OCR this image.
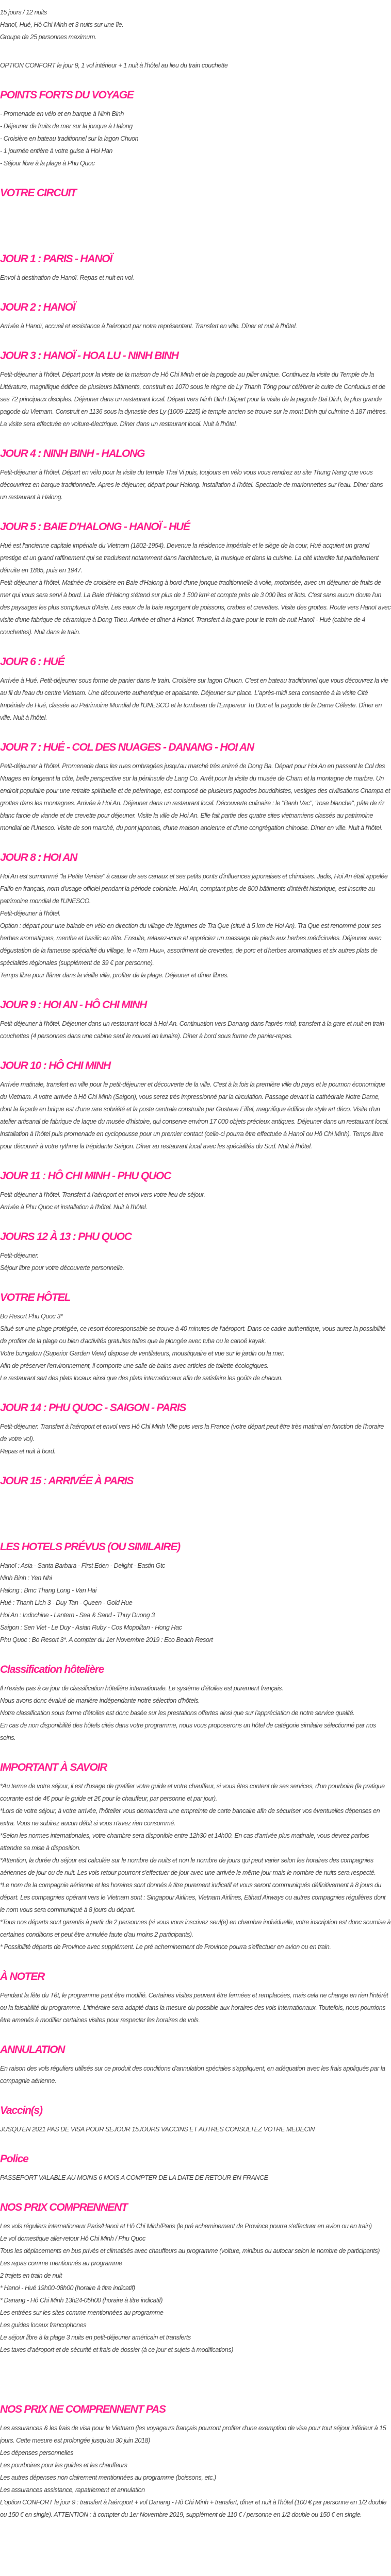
15 jours / 12 nuits

Hanoï, Hué, Hô Chi Minh et 3 nuits sur une île.

Groupe de 25 personnes maximum.

OPTION CONFORT le jour 9, 1 vol intérieur + 1 nuit à l'hôtel au lieu du train couchette

POINTS FORTS DU VOYAGE

- Promenade en vélo et en barque à Ninh Binh

- Déjeuner de fruits de mer sur la jonque à Halong

- Croisière en bateau traditionnel sur la lagon Chuon

- 1 journée entière à votre guise à Hoi Han

- Séjour libre à la plage à Phu Quoc

VOTRE CIRCUIT
JOUR 1 : PARIS - HANOÏ

Envol à destination de Hanoï. Repas et nuit en vol.

JOUR 2 : HANOÏ

Arrivée à Hanoï, accueil et assistance à l'aéroport par notre représentant. Transfert en ville. Dîner et nuit à l'hôtel.

JOUR 3 : HANOÏ - HOA LU - NINH BINH

Petit-déjeuner à l'hôtel. Départ pour la visite de la maison de Hô Chi Minh et de la pagode au pilier unique. Continuez la visite du Temple de la Littérature, magnifique édifice de plusieurs bâtiments, construit en 1070 sous le règne de Ly Thanh Tông pour célébrer le culte de Confucius et de ses 72 principaux disciples. Déjeuner dans un restaurant local. Départ vers Ninh Binh Départ pour la visite de la pagode Bai Dinh, la plus grande pagode du Vietnam. Construit en 1136 sous la dynastie des Ly (1009-1225) le temple ancien se trouve sur le mont Dinh qui culmine à 187 mètres. La visite sera effectuée en voiture-électrique. Dîner dans un restaurant local. Nuit à l'hôtel.

JOUR 4 : NINH BINH - HALONG

Petit-déjeuner à l'hôtel. Départ en vélo pour la visite du temple Thai Vi puis, toujours en vélo vous vous rendrez au site Thung Nang que vous découvrirez en barque traditionnelle. Apres le déjeuner, départ pour Halong. Installation à l'hôtel. Spectacle de marionnettes sur l'eau. Dîner dans un restaurant à Halong.

JOUR 5 : BAIE D'HALONG - HANOÏ - HUÉ

Hué est l'ancienne capitale impériale du Vietnam (1802-1954). Devenue la résidence impériale et le siège de la cour, Hué acquiert un grand prestige et un grand raffinement qui se traduisent notamment dans l'architecture, la musique et dans la cuisine. La cité interdite fut partiellement détruite en 1885, puis en 1947.

Petit-déjeuner à l'hôtel. Matinée de croisière en Baie d'Halong à bord d'une jonque traditionnelle à voile, motorisée, avec un déjeuner de fruits de mer qui vous sera servi à bord. La Baie d'Halong s'étend sur plus de 1 500 km² et compte près de 3 000 îles et îlots. C'est sans aucun doute l'un des paysages les plus somptueux d'Asie. Les eaux de la baie regorgent de poissons, crabes et crevettes. Visite des grottes. Route vers Hanoï avec visite d'une fabrique de céramique à Dong Trieu. Arrivée et dîner à Hanoï. Transfert à la gare pour le train de nuit Hanoï - Hué (cabine de 4 couchettes). Nuit dans le train.

JOUR 6 : HUÉ

Arrivée à Hué. Petit-déjeuner sous forme de panier dans le train. Croisière sur lagon Chuon. C'est en bateau traditionnel que vous découvrez la vie au fil du l'eau du centre Vietnam. Une découverte authentique et apaisante. Déjeuner sur place. L'après-midi sera consacrée à la visite Cité Impériale de Hué, classée au Patrimoine Mondial de l'UNESCO et le tombeau de l'Empereur Tu Duc et la pagode de la Dame Céleste. Dîner en ville. Nuit à l'hôtel.

JOUR 7 : HUÉ - COL DES NUAGES - DANANG - HOI AN

Petit-déjeuner à l'hôtel. Promenade dans les rues ombragées jusqu'au marché très animé de Dong Ba. Départ pour Hoi An en passant le Col des Nuages en longeant la côte, belle perspective sur la péninsule de Lang Co. Arrêt pour la visite du musée de Cham et la montagne de marbre. Un endroit populaire pour une retraite spirituelle et de pèlerinage, est composé de plusieurs pagodes bouddhistes, vestiges des civilisations Champa et grottes dans les montagnes. Arrivée à Hoi An. Déjeuner dans un restaurant local. Découverte culinaire : le "Banh Vac", "rose blanche", pâte de riz blanc farcie de viande et de crevette pour déjeuner. Visite la ville de Hoi An. Elle fait partie des quatre sites vietnamiens classés au patrimoine mondial de l'Unesco. Visite de son marché, du pont japonais, d'une maison ancienne et d'une congrégation chinoise. Dîner en ville. Nuit à l'hôtel.

JOUR 8 : HOI AN

Hoi An est surnommé "la Petite Venise" à cause de ses canaux et ses petits ponts d'influences japonaises et chinoises. Jadis, Hoi An était appelée Faifo en français, nom d'usage officiel pendant la période coloniale. Hoi An, comptant plus de 800 bâtiments d'intérêt historique, est inscrite au patrimoine mondial de l'UNESCO.

Petit-déjeuner à l'hôtel.

Option : départ pour une balade en vélo en direction du village de légumes de Tra Que (situé à 5 km de Hoi An). Tra Que est renommé pour ses herbes aromatiques, menthe et basilic en tête. Ensuite, relaxez-vous et appréciez un massage de pieds aux herbes médicinales. Déjeuner avec dégustation de la fameuse spécialité du village, le «Tam Huu», assortiment de crevettes, de porc et d'herbes aromatiques et six autres plats de spécialités régionales (supplément de 39 € par personne).

Temps libre pour flâner dans la vieille ville, profiter de la plage. Déjeuner et dîner libres.

JOUR 9 : HOI AN - HÔ CHI MINH

Petit-déjeuner à l'hôtel. Déjeuner dans un restaurant local à Hoi An. Continuation vers Danang dans l'après-midi, transfert à la gare et nuit en train-couchettes (4 personnes dans une cabine sauf le nouvel an lunaire). Dîner à bord sous forme de panier-repas.

JOUR 10 : HÔ CHI MINH

Arrivée matinale, transfert en ville pour le petit-déjeuner et découverte de la ville. C'est à la fois la première ville du pays et le poumon économique du Vietnam. A votre arrivée à Hô Chi Minh (Saigon), vous serez très impressionné par la circulation. Passage devant la cathédrale Notre Dame, dont la façade en brique est d'une rare sobriété et la poste centrale construite par Gustave Eiffel, magnifique édifice de style art déco. Visite d'un atelier artisanal de fabrique de laque du musée d'histoire, qui conserve environ 17 000 objets précieux antiques. Déjeuner dans un restaurant local. Installation à l'hôtel puis promenade en cyclopousse pour un premier contact (celle-ci pourra être effectuée à Hanoï ou Hô Chi Minh). Temps libre pour découvrir à votre rythme la trépidante Saigon. Dîner au restaurant local avec les spécialités du Sud. Nuit à l'hôtel.

JOUR 11 : HÔ CHI MINH - PHU QUOC

Petit-déjeuner à l'hôtel. Transfert à l'aéroport et envol vers votre lieu de séjour.

Arrivée à Phu Quoc et installation à l'hôtel. Nuit à l'hôtel.

JOURS 12 À 13 : PHU QUOC

Petit-déjeuner.

Séjour libre pour votre découverte personnelle.

VOTRE HÔTEL

Bo Resort Phu Quoc 3*

Situé sur une plage protégée, ce resort écoresponsable se trouve à 40 minutes de l'aéroport. Dans ce cadre authentique, vous aurez la possibilité de profiter de la plage ou bien d'activités gratuites telles que la plongée avec tuba ou le canoë kayak.

Votre bungalow (Superior Garden View) dispose de ventilateurs, moustiquaire et vue sur le jardin ou la mer.

Afin de préserver l'environnement, il comporte une salle de bains avec articles de toilette écologiques.

Le restaurant sert des plats locaux ainsi que des plats internationaux afin de satisfaire les goûts de chacun.

JOUR 14 : PHU QUOC - SAIGON - PARIS

Petit-déjeuner. Transfert à l'aéroport et envol vers Hô Chi Minh Ville puis vers la France (votre départ peut être très matinal en fonction de l'horaire de votre vol).

Repas et nuit à bord.

JOUR 15 : ARRIVÉE À PARIS
LES HOTELS PRÉVUS (OU SIMILAIRE)

Hanoï : Asia - Santa Barbara - First Eden - Delight - Eastin Gtc

Ninh Binh : Yen Nhi

Halong : Bmc Thang Long - Van Hai

Hué : Thanh Lich 3 - Duy Tan - Queen - Gold Hue

Hoi An : Indochine - Lantern - Sea & Sand - Thuy Duong 3

Saigon : Sen Viet - Le Duy - Asian Ruby - Cos Mopolitan - Hong Hac

Phu Quoc : Bo Resort 3*. A compter du 1er Novembre 2019 : Eco Beach Resort

Classification hôtelière

Il n'existe pas à ce jour de classification hôtelière internationale. Le système d'étoiles est purement français.

Nous avons donc évalué de manière indépendante notre sélection d'hôtels.

Notre classification sous forme d'étoiles est donc basée sur les prestations offertes ainsi que sur l'appréciation de notre service qualité.

En cas de non disponibilité des hôtels cités dans votre programme, nous vous proposerons un hôtel de catégorie similaire sélectionné par nos soins.

IMPORTANT À SAVOIR

*Au terme de votre séjour, il est d'usage de gratifier votre guide et votre chauffeur, si vous êtes content de ses services, d'un pourboire (la pratique courante est de 4€ pour le guide et 2€ pour le chauffeur, par personne et par jour).

*Lors de votre séjour, à votre arrivée, l'hôtelier vous demandera une empreinte de carte bancaire afin de sécuriser vos éventuelles dépenses en extra. Vous ne subirez aucun débit si vous n'avez rien consommé.

*Selon les normes internationales, votre chambre sera disponible entre 12h30 et 14h00. En cas d'arrivée plus matinale, vous devrez parfois attendre sa mise à disposition.

*Attention, la durée du séjour est calculée sur le nombre de nuits et non le nombre de jours qui peut varier selon les horaires des compagnies aériennes de jour ou de nuit. Les vols retour pourront s'effectuer de jour avec une arrivée le même jour mais le nombre de nuits sera respecté.

*Le nom de la compagnie aérienne et les horaires sont donnés à titre purement indicatif et vous seront communiqués définitivement à 8 jours du départ. Les compagnies opérant vers le Vietnam sont : Singapour Airlines, Vietnam Airlines, Etihad Airways ou autres compagnies régulières dont le nom vous sera communiqué à 8 jours du départ.

*Tous nos départs sont garantis à partir de 2 personnes (si vous vous inscrivez seul(e) en chambre individuelle, votre inscription est donc soumise à certaines conditions et peut être annulée faute d'au moins 2 participants).

* Possibilité départs de Province avec supplément. Le pré acheminement de Province pourra s'effectuer en avion ou en train.

À NOTER

Pendant la fête du Têt, le programme peut être modifié. Certaines visites peuvent être fermées et remplacées, mais cela ne change en rien l'intérêt ou la faisabilité du programme. L'itinéraire sera adapté dans la mesure du possible aux horaires des vols internationaux. Toutefois, nous pourrions être amenés à modifier certaines visites pour respecter les horaires de vols.

ANNULATION

En raison des vols réguliers utilisés sur ce produit des conditions d'annulation spéciales s'appliquent, en adéquation avec les frais appliqués par la compagnie aérienne.

Vaccin(s)

JUSQU'EN 2021 PAS DE VISA POUR SEJOUR 15JOURS VACCINS ET AUTRES CONSULTEZ VOTRE MEDECIN

Police

PASSEPORT VALABLE AU MOINS 6 MOIS A COMPTER DE LA DATE DE RETOUR EN FRANCE

NOS PRIX COMPRENNENT

Les vols réguliers internationaux Paris/Hanoï et Hô Chi Minh/Paris (le pré acheminement de Province pourra s'effectuer en avion ou en train)

Le vol domestique aller-retour Hô Chi Minh / Phu Quoc

Tous les déplacements en bus privés et climatisés avec chauffeurs au programme (voiture, minibus ou autocar selon le nombre de participants)

Les repas comme mentionnés au programme

2 trajets en train de nuit

* Hanoi - Hué 19h00-08h00 (horaire à titre indicatif)

* Danang - Hô Chi Minh 13h24-05h00 (horaire à titre indicatif)

Les entrées sur les sites comme mentionnées au programme

Les guides locaux francophones

Le séjour libre à la plage 3 nuits en petit-déjeuner américain et transferts

Les taxes d'aéroport et de sécurité et frais de dossier (à ce jour et sujets à modifications)

NOS PRIX NE COMPRENNENT PAS

Les assurances & les frais de visa pour le Vietnam (les voyageurs français pourront profiter d'une exemption de visa pour tout séjour inférieur à 15 jours. Cette mesure est prolongée jusqu'au 30 juin 2018)

Les dépenses personnelles

Les pourboires pour les guides et les chauffeurs

Les autres dépenses non clairement mentionnées au programme (boissons, etc.)

Les assurances assistance, rapatriement et annulation

L'option CONFORT le jour 9 : transfert à l'aéroport + vol Danang - Hô Chi Minh + transfert, dîner et nuit à l'hôtel (100 € par personne en 1/2 double ou 150 € en single). ATTENTION : à compter du 1er Novembre 2019, supplément de 110 € / personne en 1/2 double ou 150 € en single.
